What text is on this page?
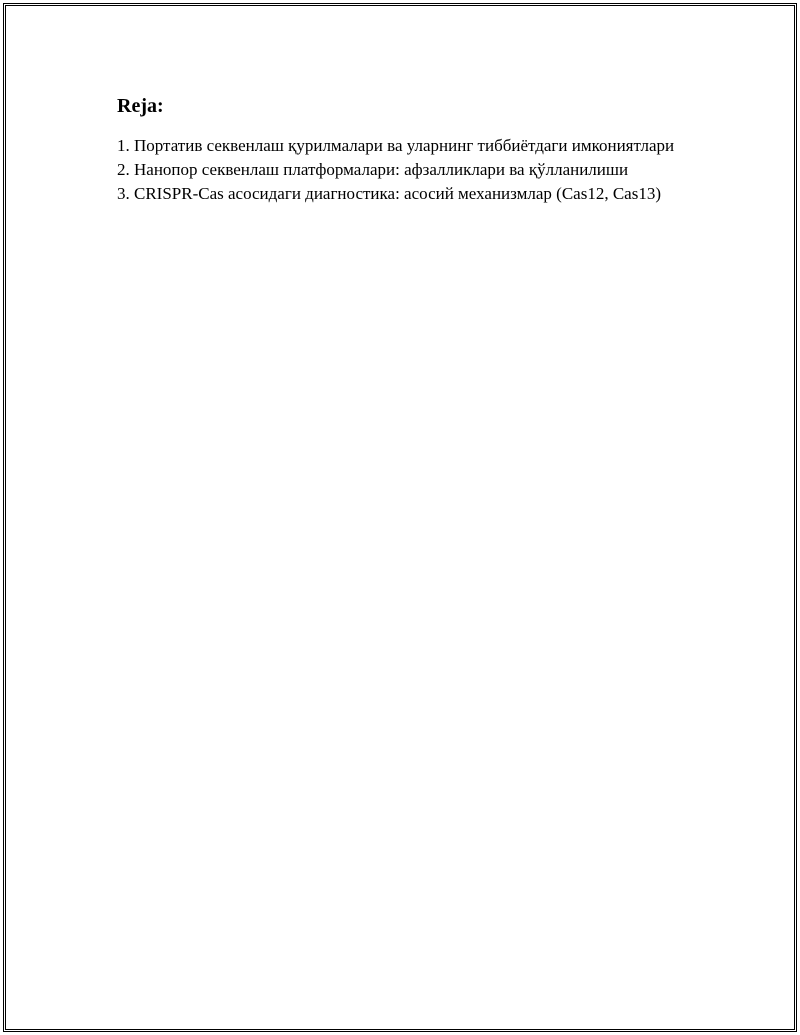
Reja:
1. Портатив секвенлаш қурилмалари ва уларнинг тиббиётдаги имкониятлари
2. Нанопор секвенлаш платформалари: афзалликлари ва қўлланилиши
3. CRISPR-Cas асосидаги диагностика: асосий механизмлар (Cas12, Cas13)
